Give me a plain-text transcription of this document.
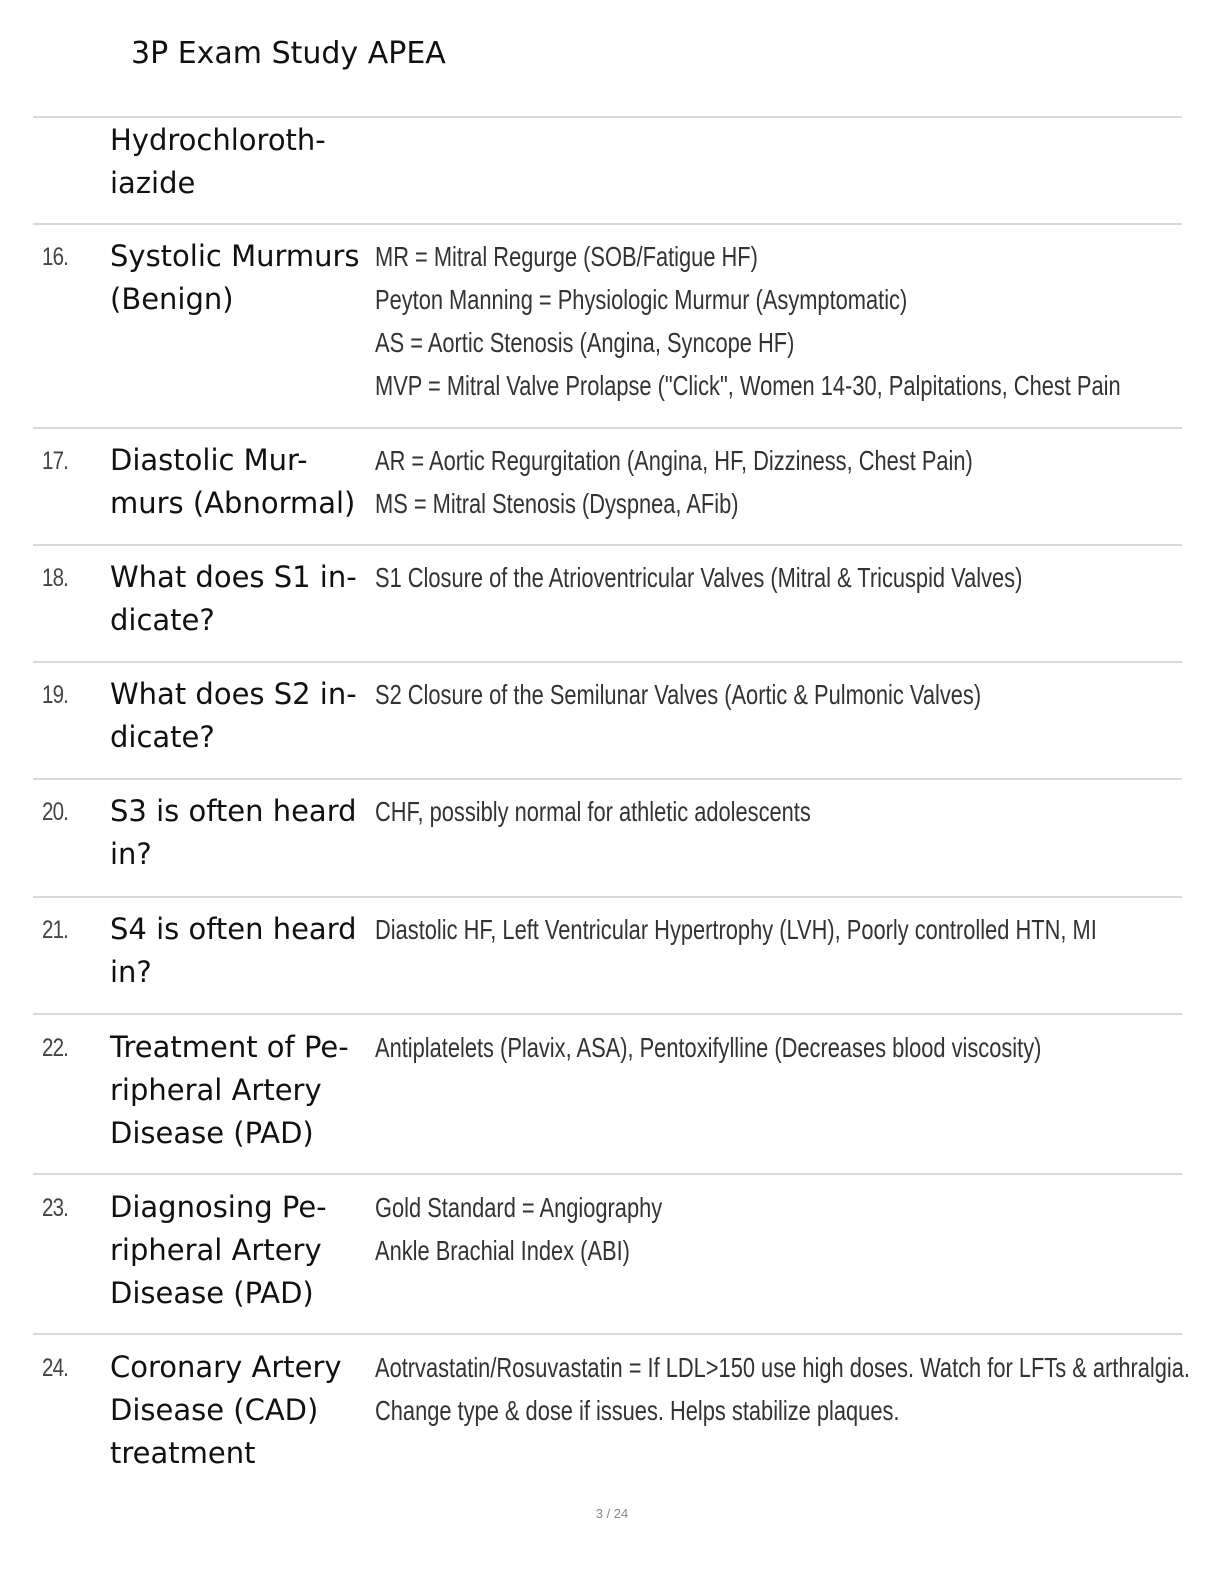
3P Exam Study APEA
Hydrochloroth-
iazide
16. Systolic Murmurs
(Benign)
MR = Mitral Regurge (SOB/Fatigue HF)
Peyton Manning = Physiologic Murmur (Asymptomatic)
AS = Aortic Stenosis (Angina, Syncope HF)
MVP = Mitral Valve Prolapse ("Click", Women 14-30, Palpitations, Chest Pain
17. Diastolic Mur-
murs (Abnormal)
AR = Aortic Regurgitation (Angina, HF, Dizziness, Chest Pain)
MS = Mitral Stenosis (Dyspnea, AFib)
18. What does S1 in-
dicate?
S1 Closure of the Atrioventricular Valves (Mitral & Tricuspid Valves)
19. What does S2 in-
dicate?
S2 Closure of the Semilunar Valves (Aortic & Pulmonic Valves)
20. S3 is often heard
in?
CHF, possibly normal for athletic adolescents
21. S4 is often heard
in?
Diastolic HF, Left Ventricular Hypertrophy (LVH), Poorly controlled HTN, MI
22. Treatment of Pe-
ripheral Artery
Disease (PAD)
Antiplatelets (Plavix, ASA), Pentoxifylline (Decreases blood viscosity)
23. Diagnosing Pe-
ripheral Artery
Disease (PAD)
Gold Standard = Angiography
Ankle Brachial Index (ABI)
24. Coronary Artery
Disease (CAD)
treatment
Aotrvastatin/Rosuvastatin = If LDL>150 use high doses. Watch for LFTs & arthralgia.
Change type & dose if issues. Helps stabilize plaques.
3 / 24
